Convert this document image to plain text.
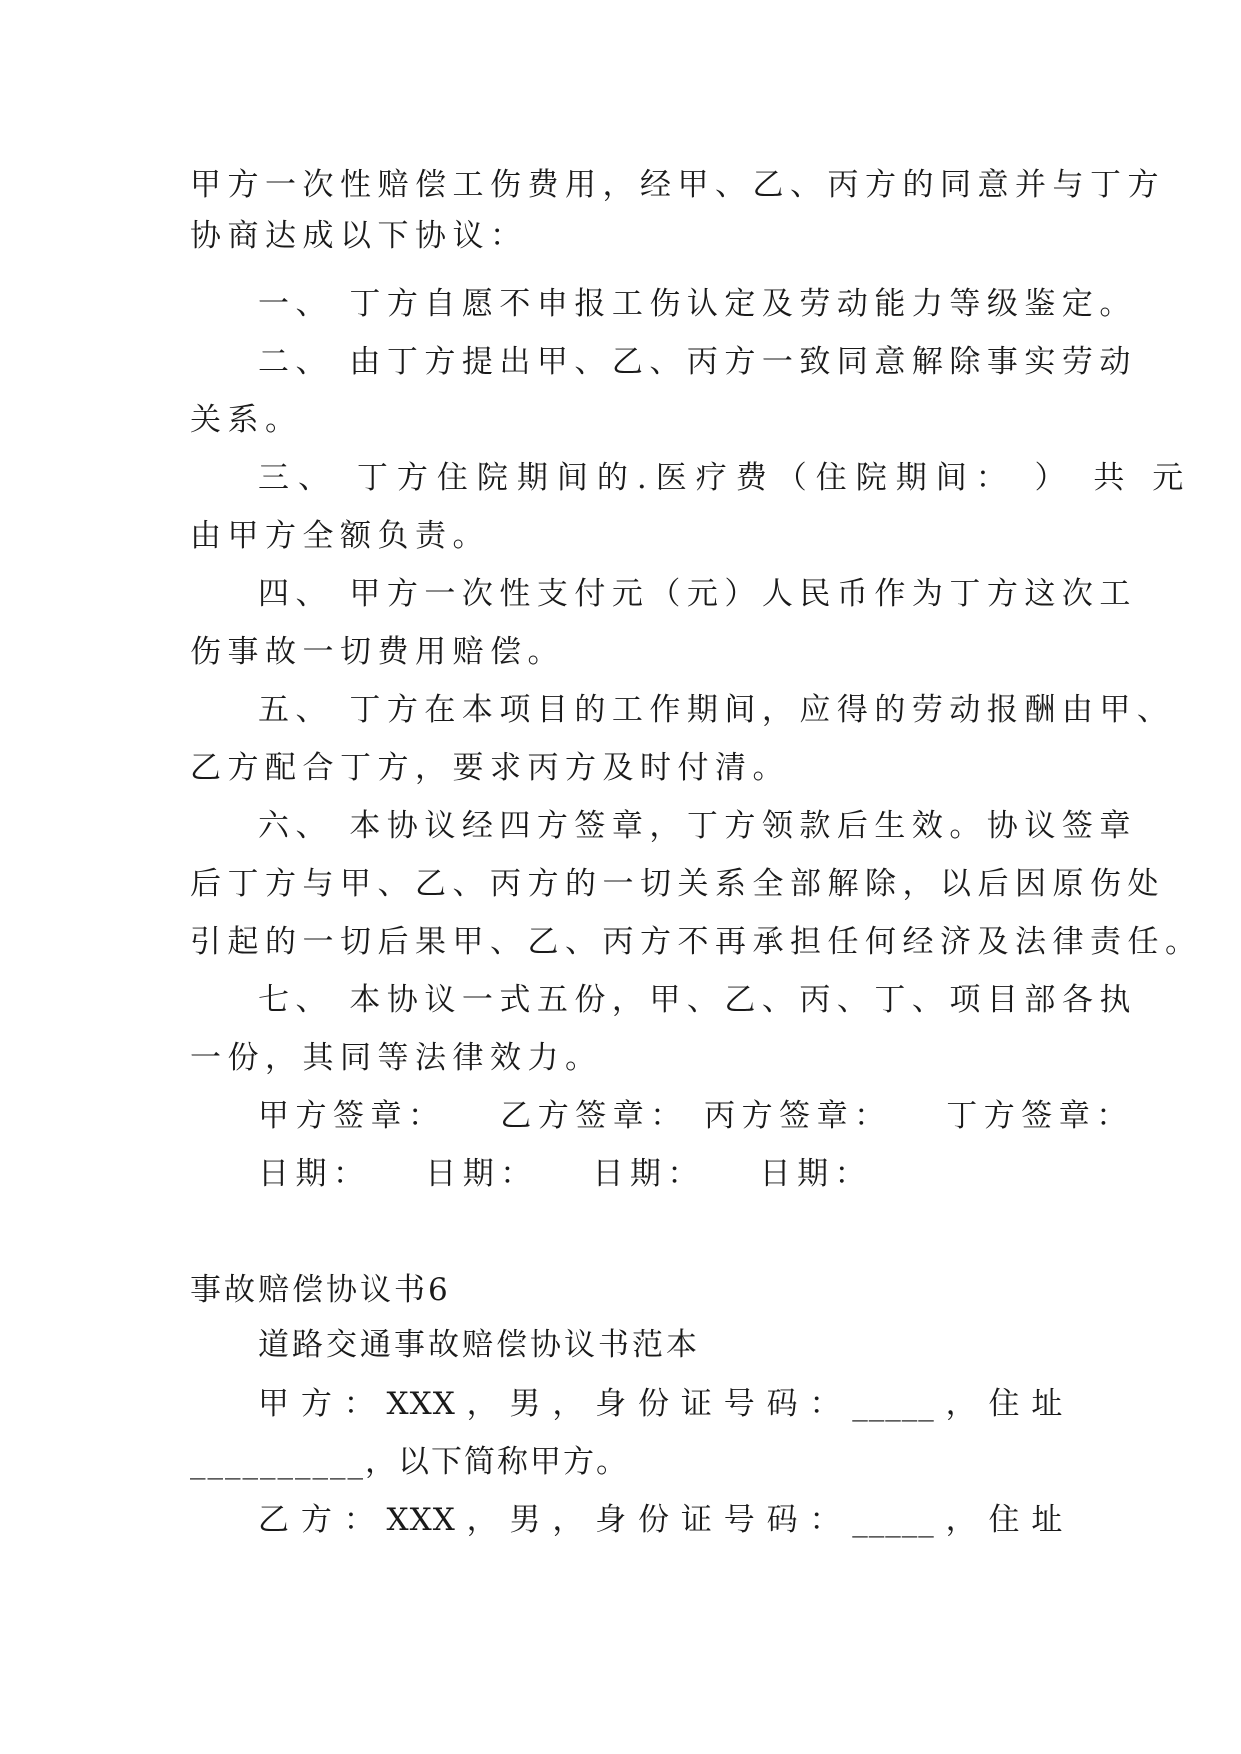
甲方一次性赔偿工伤费用，经甲、乙、丙方的同意并与丁方
协商达成以下协议：
一、 丁方自愿不申报工伤认定及劳动能力等级鉴定。
二、 由丁方提出甲、乙、丙方一致同意解除事实劳动
关系。
三、 丁方住院期间的.医疗费（住院期间： ） 共 元
由甲方全额负责。
四、 甲方一次性支付元（元）人民币作为丁方这次工
伤事故一切费用赔偿。
五、 丁方在本项目的工作期间，应得的劳动报酬由甲、
乙方配合丁方，要求丙方及时付清。
六、 本协议经四方签章，丁方领款后生效。协议签章
后丁方与甲、乙、丙方的一切关系全部解除，以后因原伤处
引起的一切后果甲、乙、丙方不再承担任何经济及法律责任。
七、 本协议一式五份，甲、乙、丙、丁、项目部各执
一份，其同等法律效力。
甲方签章： 乙方签章： 丙方签章： 丁方签章：
日期： 日期： 日期： 日期：
事故赔偿协议书6
道路交通事故赔偿协议书范本
甲 方 ： XXX ， 男 ， 身 份 证 号 码 ： _____ ， 住 址
__________，以下简称甲方。
乙 方 ： XXX ， 男 ， 身 份 证 号 码 ： _____ ， 住 址
